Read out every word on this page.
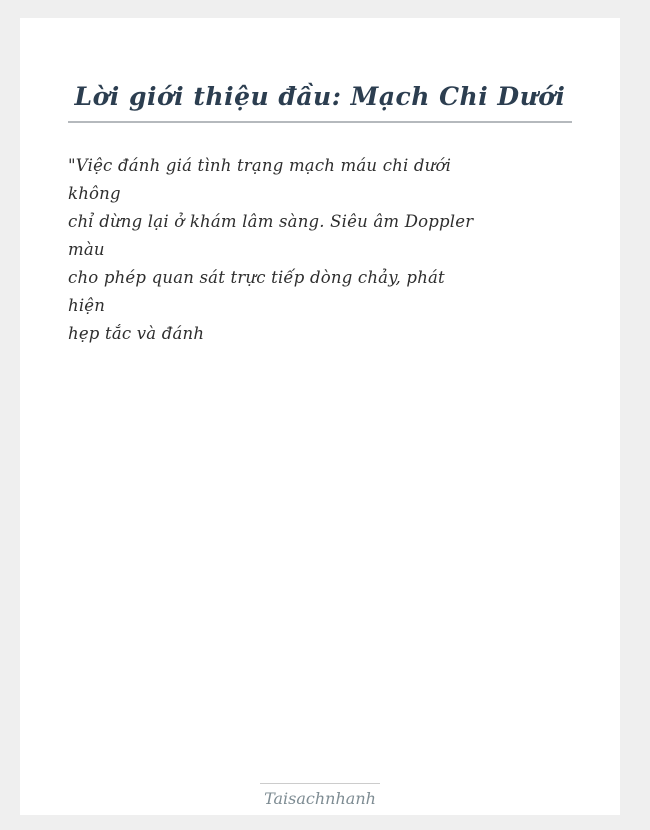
Lời giới thiệu đầu: Mạch Chi Dưới

"Việc đánh giá tình trạng mạch máu chi dưới

không

chỉ dừng lại ở khám lâm sàng. Siêu âm Doppler

màu

cho phép quan sát trực tiếp dòng chảy, phát

hiện

hẹp tắc và đánh

Taisachnhanh
